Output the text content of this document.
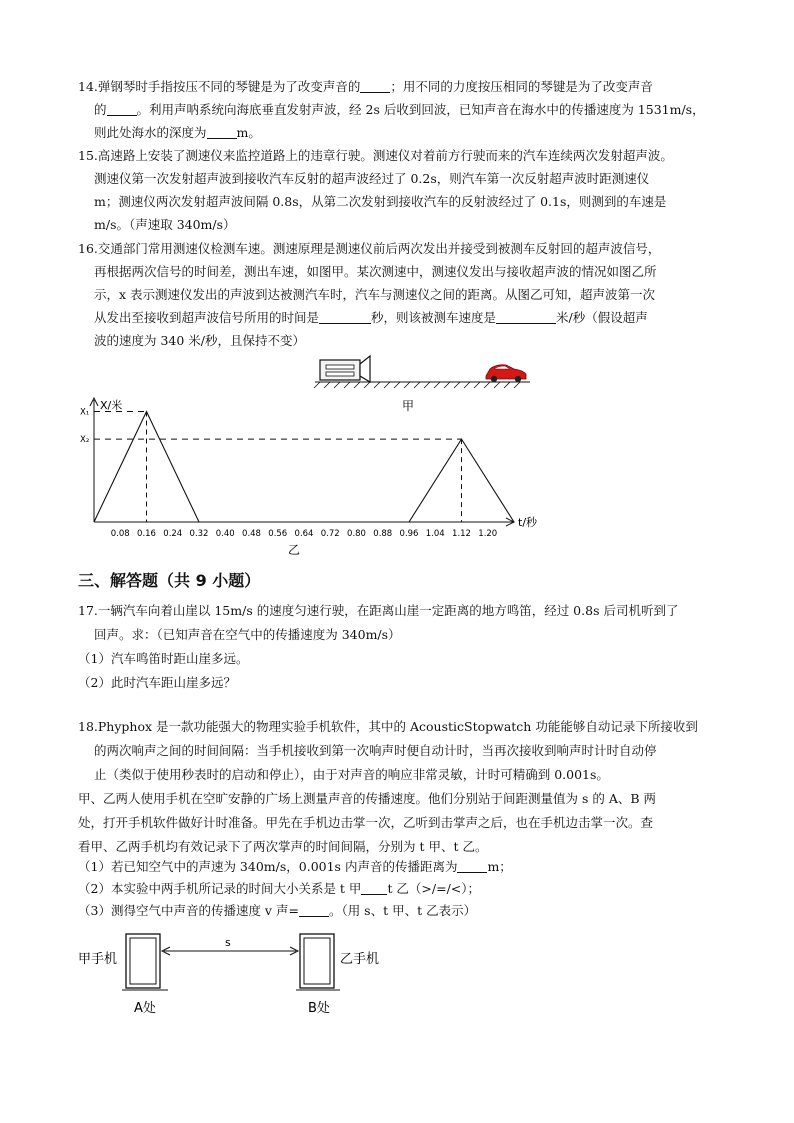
14.弹钢琴时手指按压不同的琴键是为了改变声音的 ；用不同的力度按压相同的琴键是为了改变声音
的 。利用声呐系统向海底垂直发射声波，经 2s 后收到回波，已知声音在海水中的传播速度为 1531m/s，
则此处海水的深度为 m。
15.高速路上安装了测速仪来监控道路上的违章行驶。测速仪对着前方行驶而来的汽车连续两次发射超声波。
测速仪第一次发射超声波到接收汽车反射的超声波经过了 0.2s，则汽车第一次反射超声波时距测速仪
m；测速仪两次发射超声波间隔 0.8s，从第二次发射到接收汽车的反射波经过了 0.1s，则测到的车速是
m/s。（声速取 340m/s）
16.交通部门常用测速仪检测车速。测速原理是测速仪前后两次发出并接受到被测车反射回的超声波信号，
再根据两次信号的时间差，测出车速，如图甲。某次测速中，测速仪发出与接收超声波的情况如图乙所
示，x 表示测速仪发出的声波到达被测汽车时，汽车与测速仪之间的距离。从图乙可知，超声波第一次
从发出至接收到超声波信号所用的时间是	秒，则该被测车速度是	米/秒（假设超声
波的速度为 340 米/秒，且保持不变）
X/米
t/秒
乙
甲
0.08 0.16 0.24 0.32 0.40 0.48 0.56 0.64 0.72 0.80 0.88 0.96 1.04 1.12 1.20
X₁
X₂
三、解答题（共 9 小题）
17.一辆汽车向着山崖以 15m/s 的速度匀速行驶，在距离山崖一定距离的地方鸣笛，经过 0.8s 后司机听到了
回声。求：（已知声音在空气中的传播速度为 340m/s）
（1）汽车鸣笛时距山崖多远。
（2）此时汽车距山崖多远？
18.Phyphox 是一款功能强大的物理实验手机软件，其中的 AcousticStopwatch 功能能够自动记录下所接收到
的两次响声之间的时间间隔：当手机接收到第一次响声时便自动计时，当再次接收到响声时计时自动停
止（类似于使用秒表时的启动和停止），由于对声音的响应非常灵敏，计时可精确到 0.001s。
甲、乙两人使用手机在空旷安静的广场上测量声音的传播速度。他们分别站于间距测量值为 s 的 A、B 两
处，打开手机软件做好计时准备。甲先在手机边击掌一次，乙听到击掌声之后，也在手机边击掌一次。查
看甲、乙两手机均有效记录下了两次掌声的时间间隔，分别为 t 甲、t 乙。
（1）若已知空气中的声速为 340m/s，0.001s 内声音的传播距离为 m；
（2）本实验中两手机所记录的时间大小关系是 t 甲 t 乙（>/=/<）；
（3）测得空气中声音的传播速度 v 声= 。（用 s、t 甲、t 乙表示）
甲手机	乙手机
s
A处	B处
